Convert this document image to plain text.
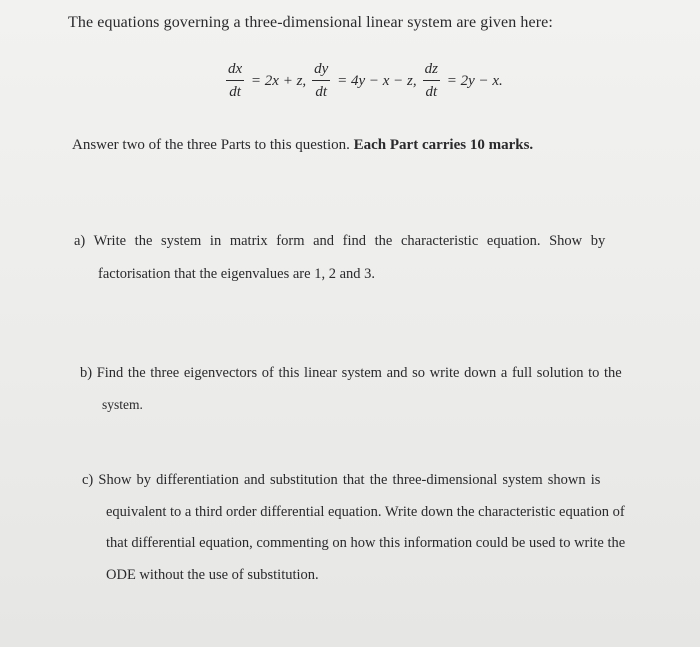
The equations governing a three-dimensional linear system are given here:
$\frac{dx}{dt} = 2x + z$, $\frac{dy}{dt} = 4y - x - z$, $\frac{dz}{dt} = 2y - x$.
Answer two of the three Parts to this question. Each Part carries 10 marks.
a) Write the system in matrix form and find the characteristic equation. Show by
factorisation that the eigenvalues are 1, 2 and 3.
b) Find the three eigenvectors of this linear system and so write down a full solution to the
system.
c) Show by differentiation and substitution that the three-dimensional system shown is
equivalent to a third order differential equation. Write down the characteristic equation of
that differential equation, commenting on how this information could be used to write the
ODE without the use of substitution.
